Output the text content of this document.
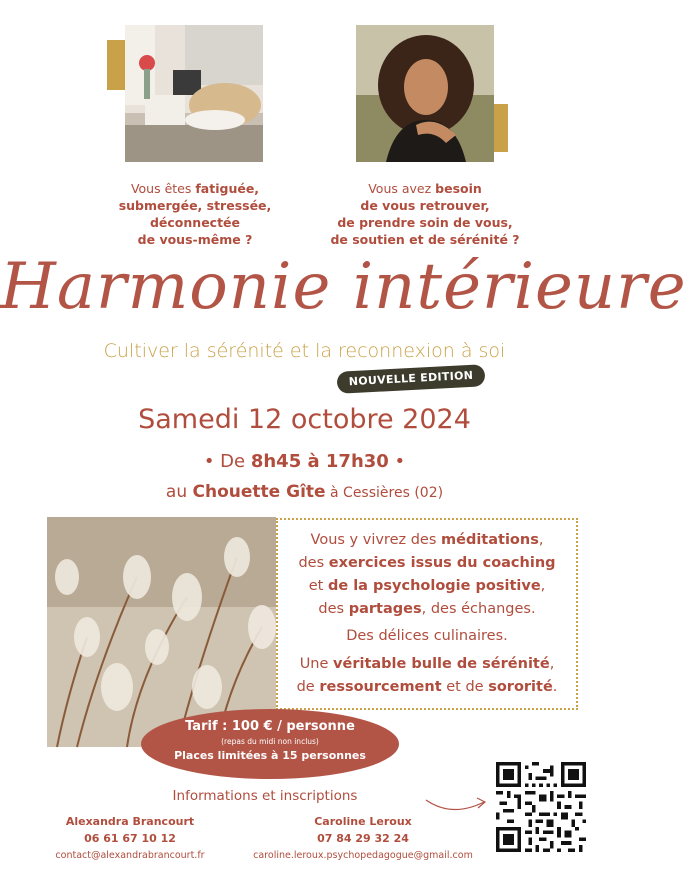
Vous êtes fatiguée,
submergée, stressée,
déconnectée
de vous-même ?
Vous avez besoin
de vous retrouver,
de prendre soin de vous,
de soutien et de sérénité ?
Harmonie intérieure
Cultiver la sérénité et la reconnexion à soi
NOUVELLE EDITION
Samedi 12 octobre 2024
• De 8h45 à 17h30 •
au Chouette Gîte à Cessières (02)
Vous y vivrez des méditations,
des exercices issus du coaching
et de la psychologie positive,
des partages, des échanges.
Des délices culinaires.
Une véritable bulle de sérénité,
de ressourcement et de sororité.
Tarif : 100 € / personne
(repas du midi non inclus)
Places limitées à 15 personnes
Informations et inscriptions
Alexandra Brancourt
06 61 67 10 12
contact@alexandrabrancourt.fr
Caroline Leroux
07 84 29 32 24
caroline.leroux.psychopedagogue@gmail.com
